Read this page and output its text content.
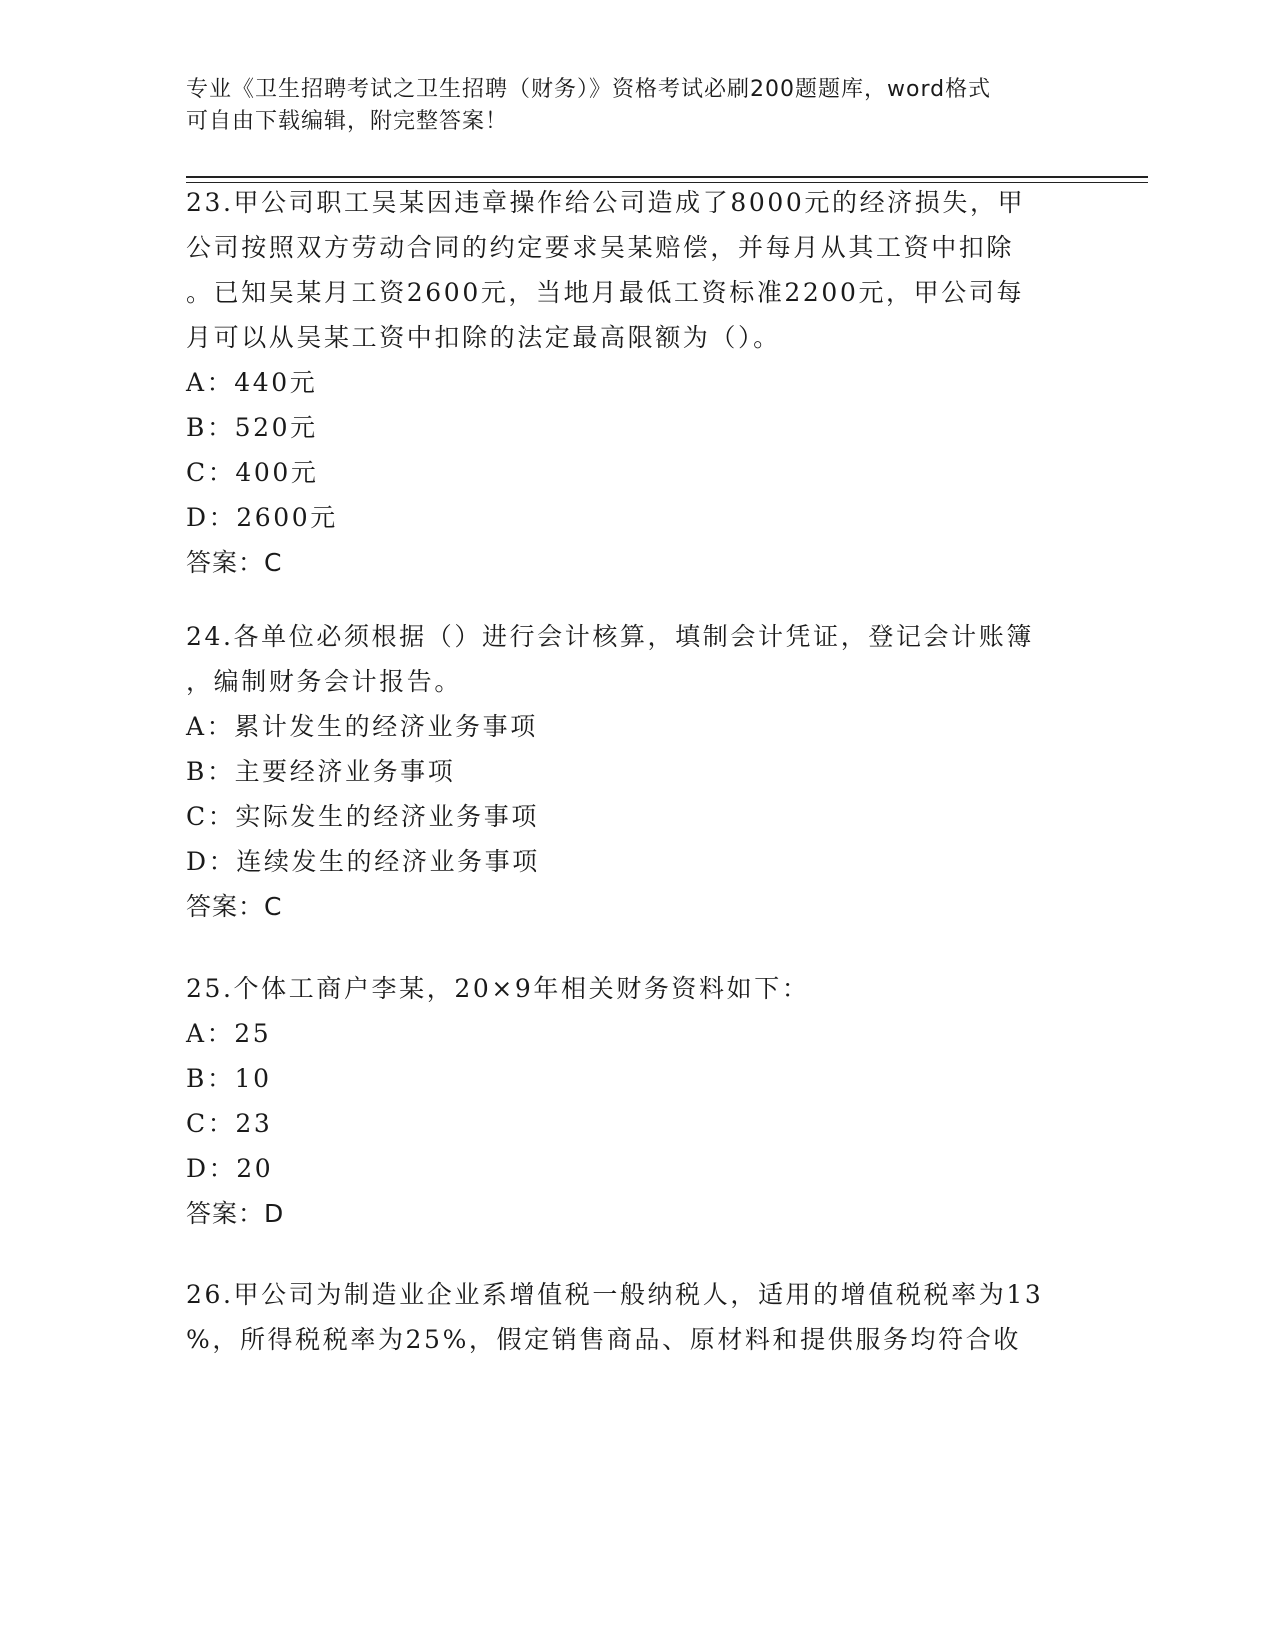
专业《卫生招聘考试之卫生招聘（财务）》资格考试必刷200题题库，word格式
可自由下载编辑，附完整答案！

23.甲公司职工吴某因违章操作给公司造成了8000元的经济损失，甲

公司按照双方劳动合同的约定要求吴某赔偿，并每月从其工资中扣除

。已知吴某月工资2600元，当地月最低工资标准2200元，甲公司每

月可以从吴某工资中扣除的法定最高限额为（）。

A：440元

B：520元

C：400元

D：2600元

答案：C

24.各单位必须根据（）进行会计核算，填制会计凭证，登记会计账簿

，编制财务会计报告。

A：累计发生的经济业务事项

B：主要经济业务事项

C：实际发生的经济业务事项

D：连续发生的经济业务事项

答案：C

25.个体工商户李某，20×9年相关财务资料如下：

A：25

B：10

C：23

D：20

答案：D

26.甲公司为制造业企业系增值税一般纳税人，适用的增值税税率为13

%，所得税税率为25%，假定销售商品、原材料和提供服务均符合收
